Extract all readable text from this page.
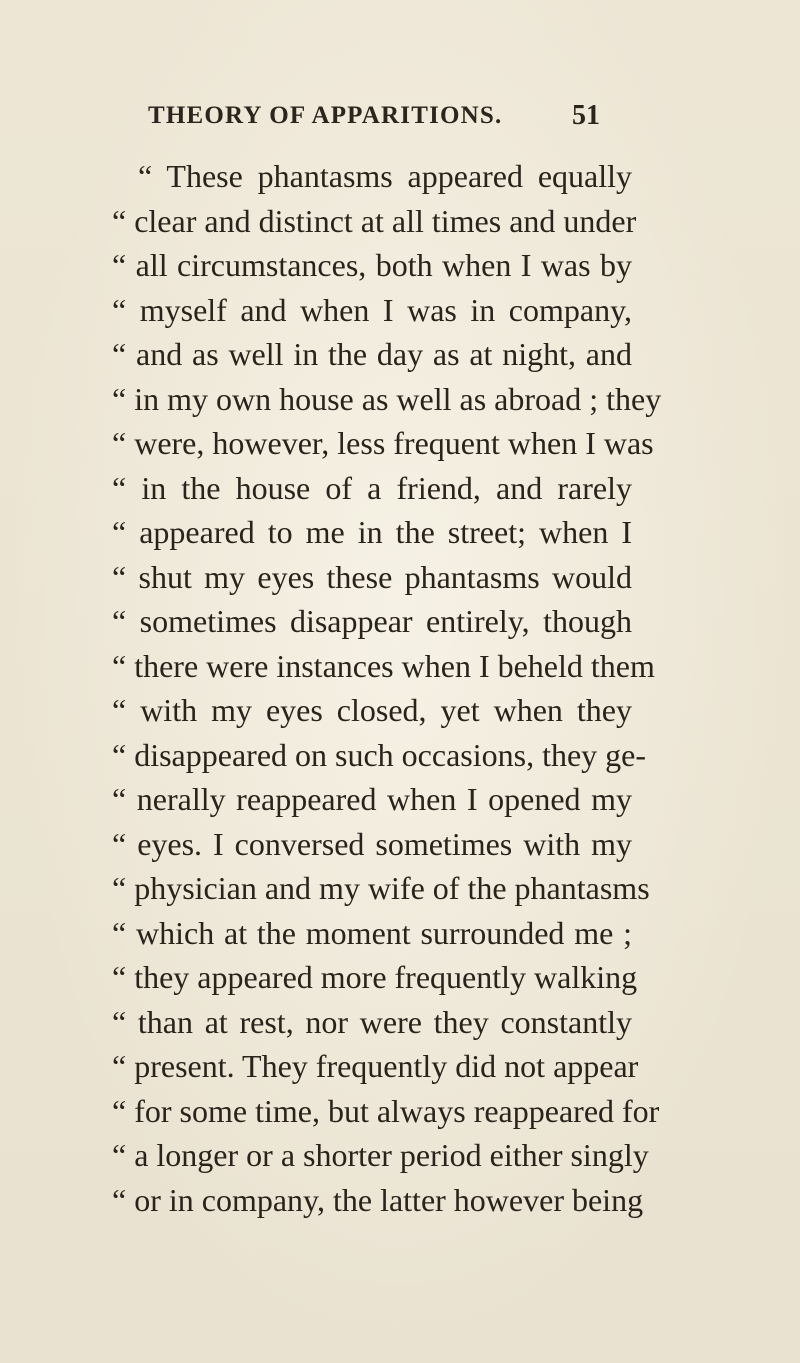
THEORY OF APPARITIONS. 51
“ These phantasms appeared equally
“ clear and distinct at all times and under
“ all circumstances, both when I was by
“ myself and when I was in company,
“ and as well in the day as at night, and
“ in my own house as well as abroad ; they
“ were, however, less frequent when I was
“ in the house of a friend, and rarely
“ appeared to me in the street; when I
“ shut my eyes these phantasms would
“ sometimes disappear entirely, though
“ there were instances when I beheld them
“ with my eyes closed, yet when they
“ disappeared on such occasions, they ge-
“ nerally reappeared when I opened my
“ eyes. I conversed sometimes with my
“ physician and my wife of the phantasms
“ which at the moment surrounded me ;
“ they appeared more frequently walking
“ than at rest, nor were they constantly
“ present. They frequently did not appear
“ for some time, but always reappeared for
“ a longer or a shorter period either singly
“ or in company, the latter however being
